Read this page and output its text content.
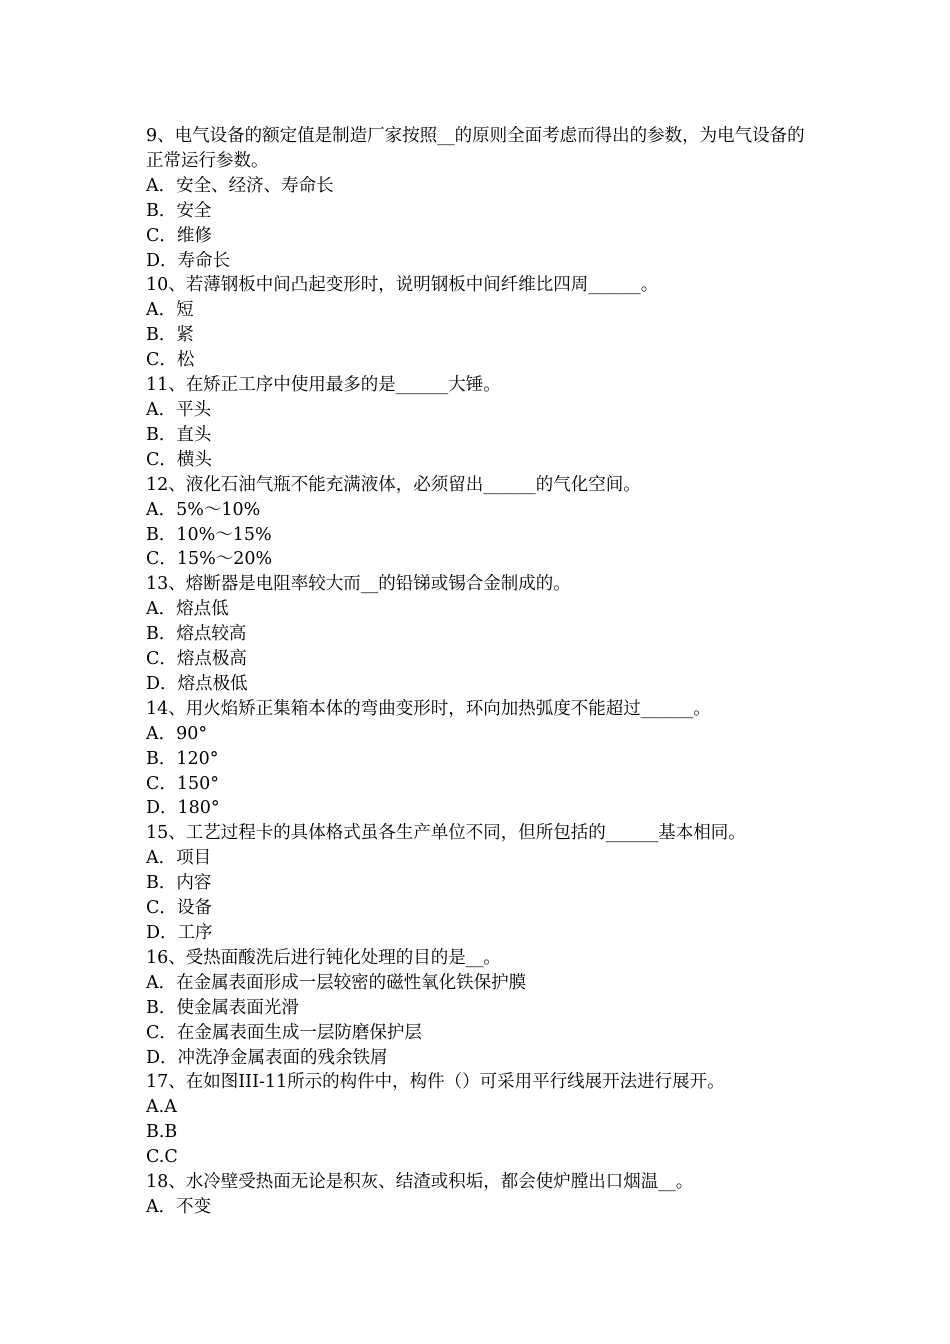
9、电气设备的额定值是制造厂家按照__的原则全面考虑而得出的参数，为电气设备的正常运行参数。

A．安全、经济、寿命长

B．安全

C．维修

D．寿命长

10、若薄钢板中间凸起变形时，说明钢板中间纤维比四周______。

A．短

B．紧

C．松

11、在矫正工序中使用最多的是______大锤。

A．平头

B．直头

C．横头

12、液化石油气瓶不能充满液体，必须留出______的气化空间。

A．5%～10%

B．10%～15%

C．15%～20%

13、熔断器是电阻率较大而__的铅锑或锡合金制成的。

A．熔点低

B．熔点较高

C．熔点极高

D．熔点极低

14、用火焰矫正集箱本体的弯曲变形时，环向加热弧度不能超过______。

A．90°

B．120°

C．150°

D．180°

15、工艺过程卡的具体格式虽各生产单位不同，但所包括的______基本相同。

A．项目

B．内容

C．设备

D．工序

16、受热面酸洗后进行钝化处理的目的是__。

A．在金属表面形成一层较密的磁性氧化铁保护膜

B．使金属表面光滑

C．在金属表面生成一层防磨保护层

D．冲洗净金属表面的残余铁屑

17、在如图III-11所示的构件中，构件（）可采用平行线展开法进行展开。

A.A

B.B

C.C

18、水冷壁受热面无论是积灰、结渣或积垢，都会使炉膛出口烟温__。

A．不变
